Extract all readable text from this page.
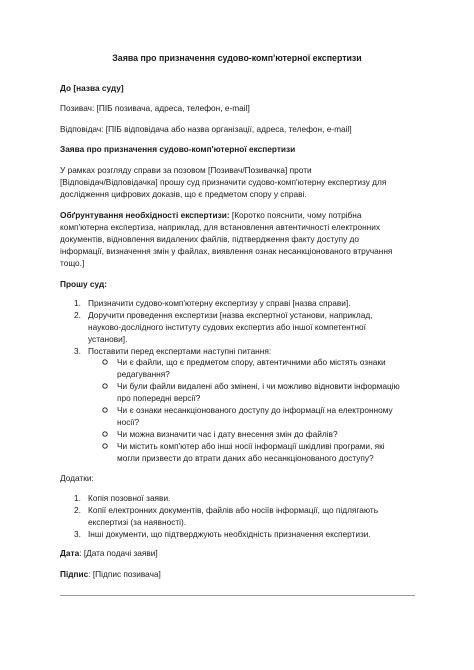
Заява про призначення судово-комп'ютерної експертизи
До [назва суду]
Позивач: [ПІБ позивача, адреса, телефон, e-mail]
Відповідач: [ПІБ відповідача або назва організації, адреса, телефон, e-mail]
Заява про призначення судово-комп'ютерної експертизи
У рамках розгляду справи за позовом [Позивач/Позивачка] проти
[Відповідач/Відповідачка] прошу суд призначити судово-комп'ютерну експертизу для
дослідження цифрових доказів, що є предметом спору у справі.
Обґрунтування необхідності експертизи: [Коротко пояснити, чому потрібна
комп'ютерна експертиза, наприклад, для встановлення автентичності електронних
документів, відновлення видалених файлів, підтвердження факту доступу до
інформації, визначення змін у файлах, виявлення ознак несанкціонованого втручання
тощо.]
Прошу суд:
1. Призначити судово-комп'ютерну експертизу у справі [назва справи].
2. Доручити проведення експертизи [назва експертної установи, наприклад,
науково-дослідного інституту судових експертиз або іншої компетентної
установи].
3. Поставити перед експертами наступні питання:
Чи є файли, що є предметом спору, автентичними або містять ознаки
редагування?
Чи були файли видалені або змінені, і чи можливо відновити інформацію
про попередні версії?
Чи є ознаки несанкціонованого доступу до інформації на електронному
носії?
Чи можна визначити час і дату внесення змін до файлів?
Чи містить комп'ютер або інші носії інформації шкідливі програми, які
могли призвести до втрати даних або несанкціонованого доступу?
Додатки:
1. Копія позовної заяви.
2. Копії електронних документів, файлів або носіїв інформації, що підлягають
експертизі (за наявності).
3. Інші документи, що підтверджують необхідність призначення експертизи.
Дата: [Дата подачі заяви]
Підпис: [Підпис позивача]
